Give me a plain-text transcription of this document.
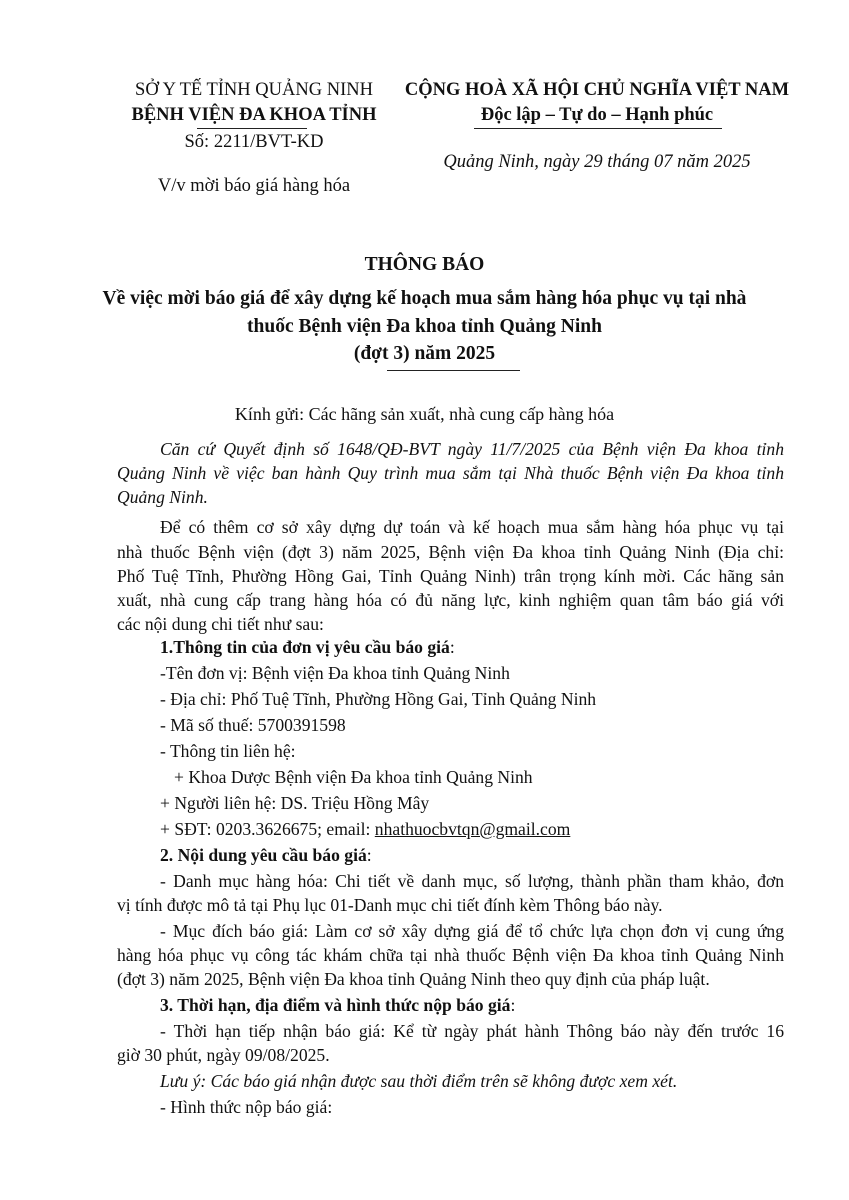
SỞ Y TẾ TỈNH QUẢNG NINH
BỆNH VIỆN ĐA KHOA TỈNH
Số: 2211/BVT-KD
V/v mời báo giá hàng hóa
CỘNG HOÀ XÃ HỘI CHỦ NGHĨA VIỆT NAM
Độc lập – Tự do – Hạnh phúc
Quảng Ninh, ngày 29 tháng 07 năm 2025
THÔNG BÁO
Về việc mời báo giá để xây dựng kế hoạch mua sắm hàng hóa phục vụ tại nhà
thuốc Bệnh viện Đa khoa tỉnh Quảng Ninh
(đợt 3) năm 2025
Kính gửi: Các hãng sản xuất, nhà cung cấp hàng hóa
Căn cứ Quyết định số 1648/QĐ-BVT ngày 11/7/2025 của Bệnh viện Đa khoa tỉnh
Quảng Ninh về việc ban hành Quy trình mua sắm tại Nhà thuốc Bệnh viện Đa khoa tỉnh
Quảng Ninh.
Để có thêm cơ sở xây dựng dự toán và kế hoạch mua sắm hàng hóa phục vụ tại
nhà thuốc Bệnh viện (đợt 3) năm 2025, Bệnh viện Đa khoa tỉnh Quảng Ninh (Địa chỉ:
Phố Tuệ Tĩnh, Phường Hồng Gai, Tỉnh Quảng Ninh) trân trọng kính mời. Các hãng sản
xuất, nhà cung cấp trang hàng hóa có đủ năng lực, kinh nghiệm quan tâm báo giá với
các nội dung chi tiết như sau:
1.Thông tin của đơn vị yêu cầu báo giá:
-Tên đơn vị: Bệnh viện Đa khoa tỉnh Quảng Ninh
- Địa chỉ: Phố Tuệ Tĩnh, Phường Hồng Gai, Tỉnh Quảng Ninh
- Mã số thuế: 5700391598
- Thông tin liên hệ:
+ Khoa Dược Bệnh viện Đa khoa tỉnh Quảng Ninh
+ Người liên hệ: DS. Triệu Hồng Mây
+ SĐT: 0203.3626675; email: nhathuocbvtqn@gmail.com
2. Nội dung yêu cầu báo giá:
- Danh mục hàng hóa: Chi tiết về danh mục, số lượng, thành phần tham khảo, đơn
vị tính được mô tả tại Phụ lục 01-Danh mục chi tiết đính kèm Thông báo này.
- Mục đích báo giá: Làm cơ sở xây dựng giá để tổ chức lựa chọn đơn vị cung ứng
hàng hóa phục vụ công tác khám chữa tại nhà thuốc Bệnh viện Đa khoa tỉnh Quảng Ninh
(đợt 3) năm 2025, Bệnh viện Đa khoa tỉnh Quảng Ninh theo quy định của pháp luật.
3. Thời hạn, địa điểm và hình thức nộp báo giá:
- Thời hạn tiếp nhận báo giá: Kể từ ngày phát hành Thông báo này đến trước 16
giờ 30 phút, ngày 09/08/2025.
Lưu ý: Các báo giá nhận được sau thời điểm trên sẽ không được xem xét.
- Hình thức nộp báo giá:
